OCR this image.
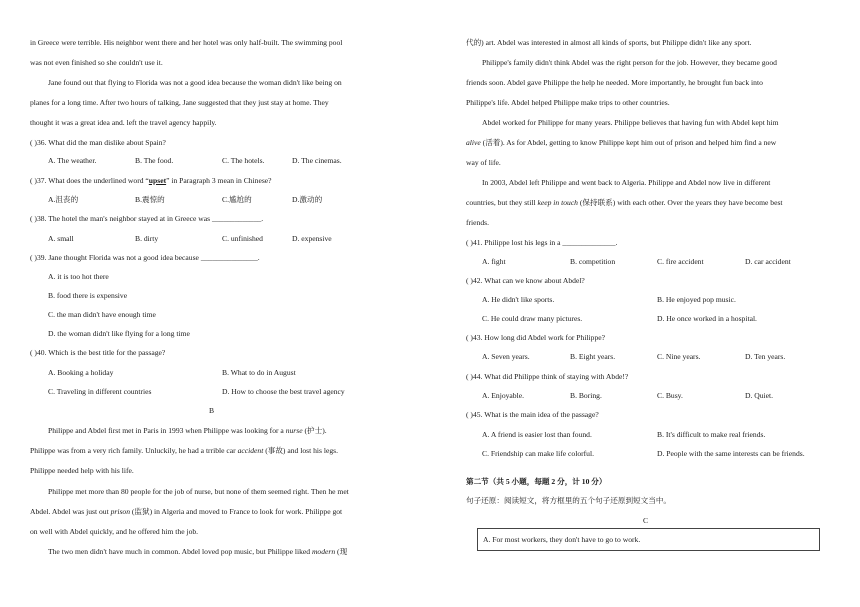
in Greece were terrible. His neighbor went there and her hotel was only half-built. The swimming pool
was not even finished so she couldn't use it.
Jane found out that flying to Florida was not a good idea because the woman didn't like being on
planes for a long time. After two hours of talking, Jane suggested that they just stay at home. They
thought it was a great idea and. left the travel agency happily.
( )36. What did the man dislike about Spain?
A. The weather.	B. The food.	C. The hotels.	D. The cinemas.
( )37. What does the underlined word “upset” in Paragraph 3 mean in Chinese?
A.沮丧的	B.震惊的	C.尴尬的	D.激动的
( )38. The hotel the man's neighbor stayed at in Greece was _____________.
A. small	B. dirty	C. unfinished	D. expensive
( )39. Jane thought Florida was not a good idea because _______________.
A. it is too hot there
B. food there is expensive
C. the man didn't have enough time
D. the woman didn't like flying for a long time
( )40. Which is the best title for the passage?
A. Booking a holiday	B. What to do in August
C. Traveling in different countries	D. How to choose the best travel agency
B
Philippe and Abdel first met in Paris in 1993 when Philippe was looking for a nurse (护士).
Philippe was from a very rich family. Unluckily, he had a trrible car accident (事故) and lost his legs.
Philippe needed help with his life.
Philippe met more than 80 people for the job of nurse, but none of them seemed right. Then he met
Abdel. Abdel was just out prison (监狱) in Algeria and moved to France to look for work. Philippe got
on well with Abdel quickly, and he offered him the job.
The two men didn't have much in common. Abdel loved pop music, but Philippe liked modern (现
代的) art. Abdel was interested in almost all kinds of sports, but Philippe didn't like any sport.
Philippe's family didn't think Abdel was the right person for the job. However, they became good
friends soon. Abdel gave Philippe the help he needed. More importantly, he brought fun back into
Philippe's life. Abdel helped Philippe make trips to other countries.
Abdel worked for Philippe for many years. Philippe believes that having fun with Abdel kept him
alive (活着). As for Abdel, getting to know Philippe kept him out of prison and helped him find a new
way of life.
In 2003, Abdel left Philippe and went back to Algeria. Philippe and Abdel now live in different
countries, but they still keep in touch (保持联系) with each other. Over the years they have become best
friends.
( )41. Philippe lost his legs in a ______________.
A. fight	B. competition	C. fire accident	D. car accident
( )42. What can we know about Abdel?
A. He didn't like sports.	B. He enjoyed pop music.
C. He could draw many pictures.	D. He once worked in a hospital.
( )43. How long did Abdel work for Philippe?
A. Seven years.	B. Eight years.	C. Nine years.	D. Ten years.
( )44. What did Philippe think of staying with Abde!?
A. Enjoyable.	B. Boring.	C. Busy.	D. Quiet.
( )45. What is the main idea of the passage?
A. A friend is easier lost than found.	B. It's difficult to make real friends.
C. Friendship can make life colorful.	D. People with the same interests can be friends.
第二节（共 5 小题，每题 2 分，计 10 分）
句子还原：阅读短文，将方框里的五个句子还原到短文当中。
C
A. For most workers, they don't have to go to work.
